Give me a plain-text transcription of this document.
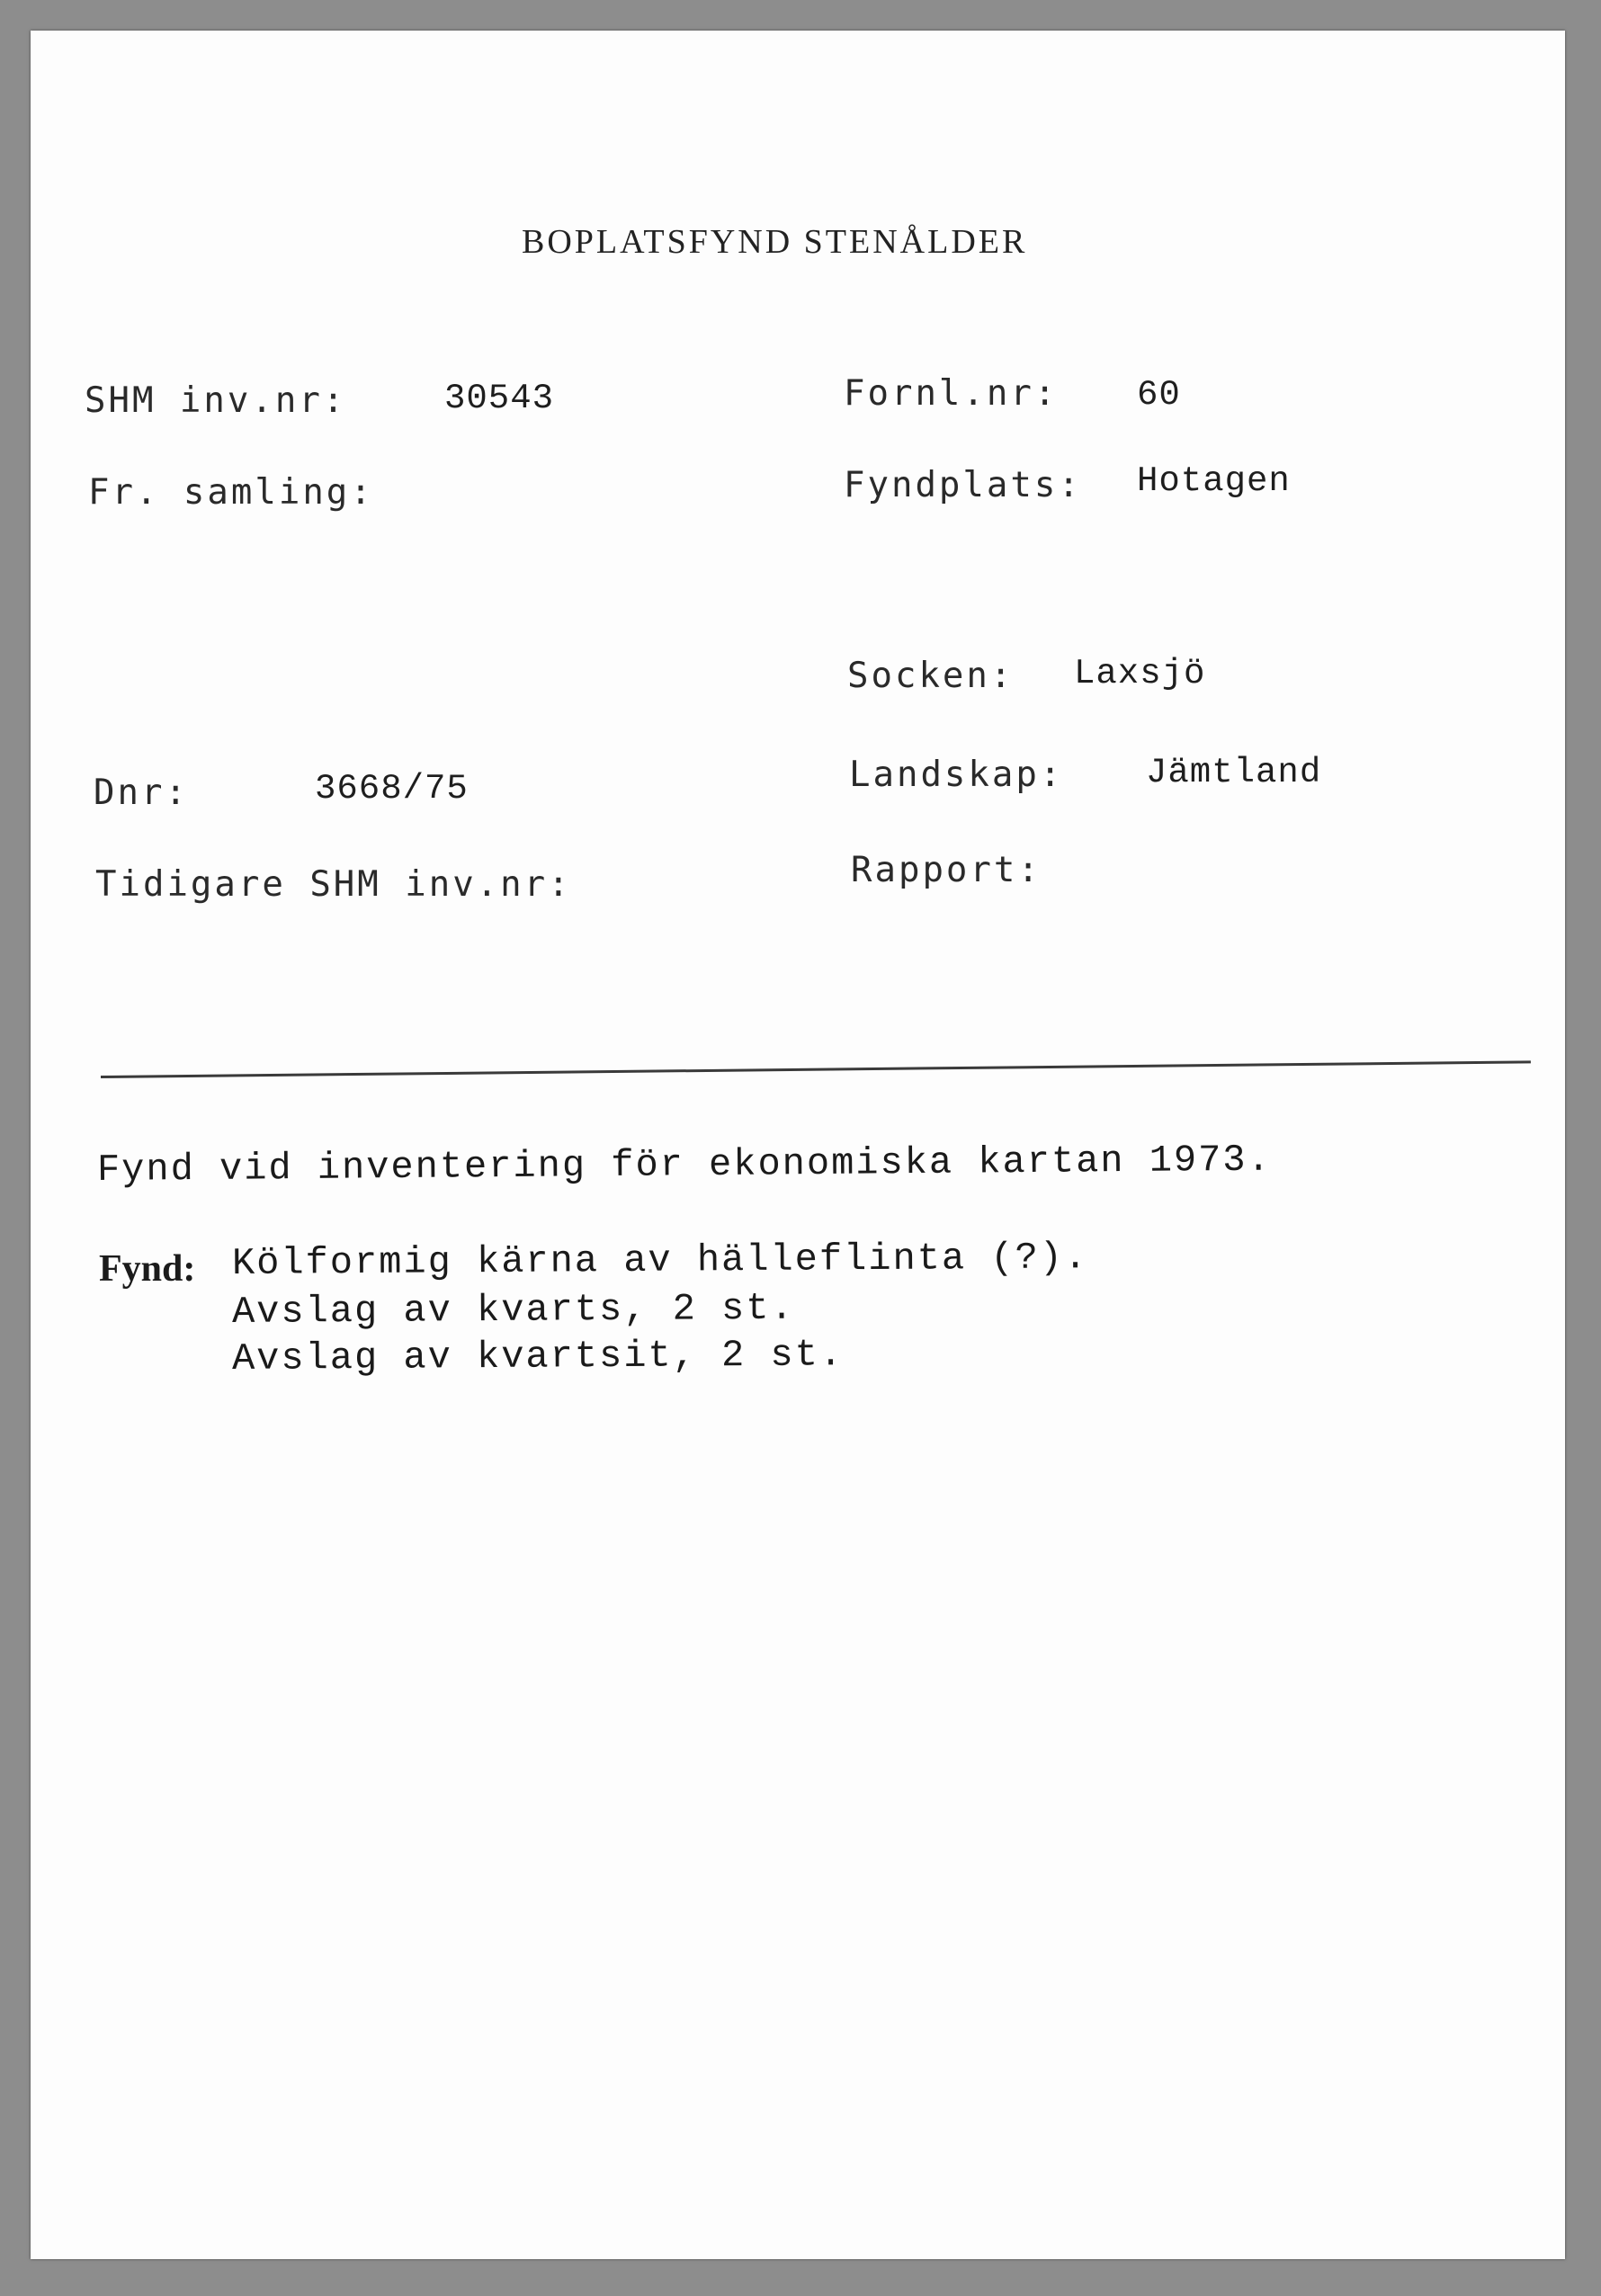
BOPLATSFYND STENÅLDER
SHM inv.nr:	30543
Fr. samling:
Dnr:	3668/75
Tidigare SHM inv.nr:
Fornl.nr: 60
Fyndplats: Hotagen
Socken: Laxsjö
Landskap: Jämtland
Rapport:
Fynd vid inventering för ekonomiska kartan 1973.
Fynd: Kölformig kärna av hälleflinta (?).
Avslag av kvarts, 2 st.
Avslag av kvartsit, 2 st.
